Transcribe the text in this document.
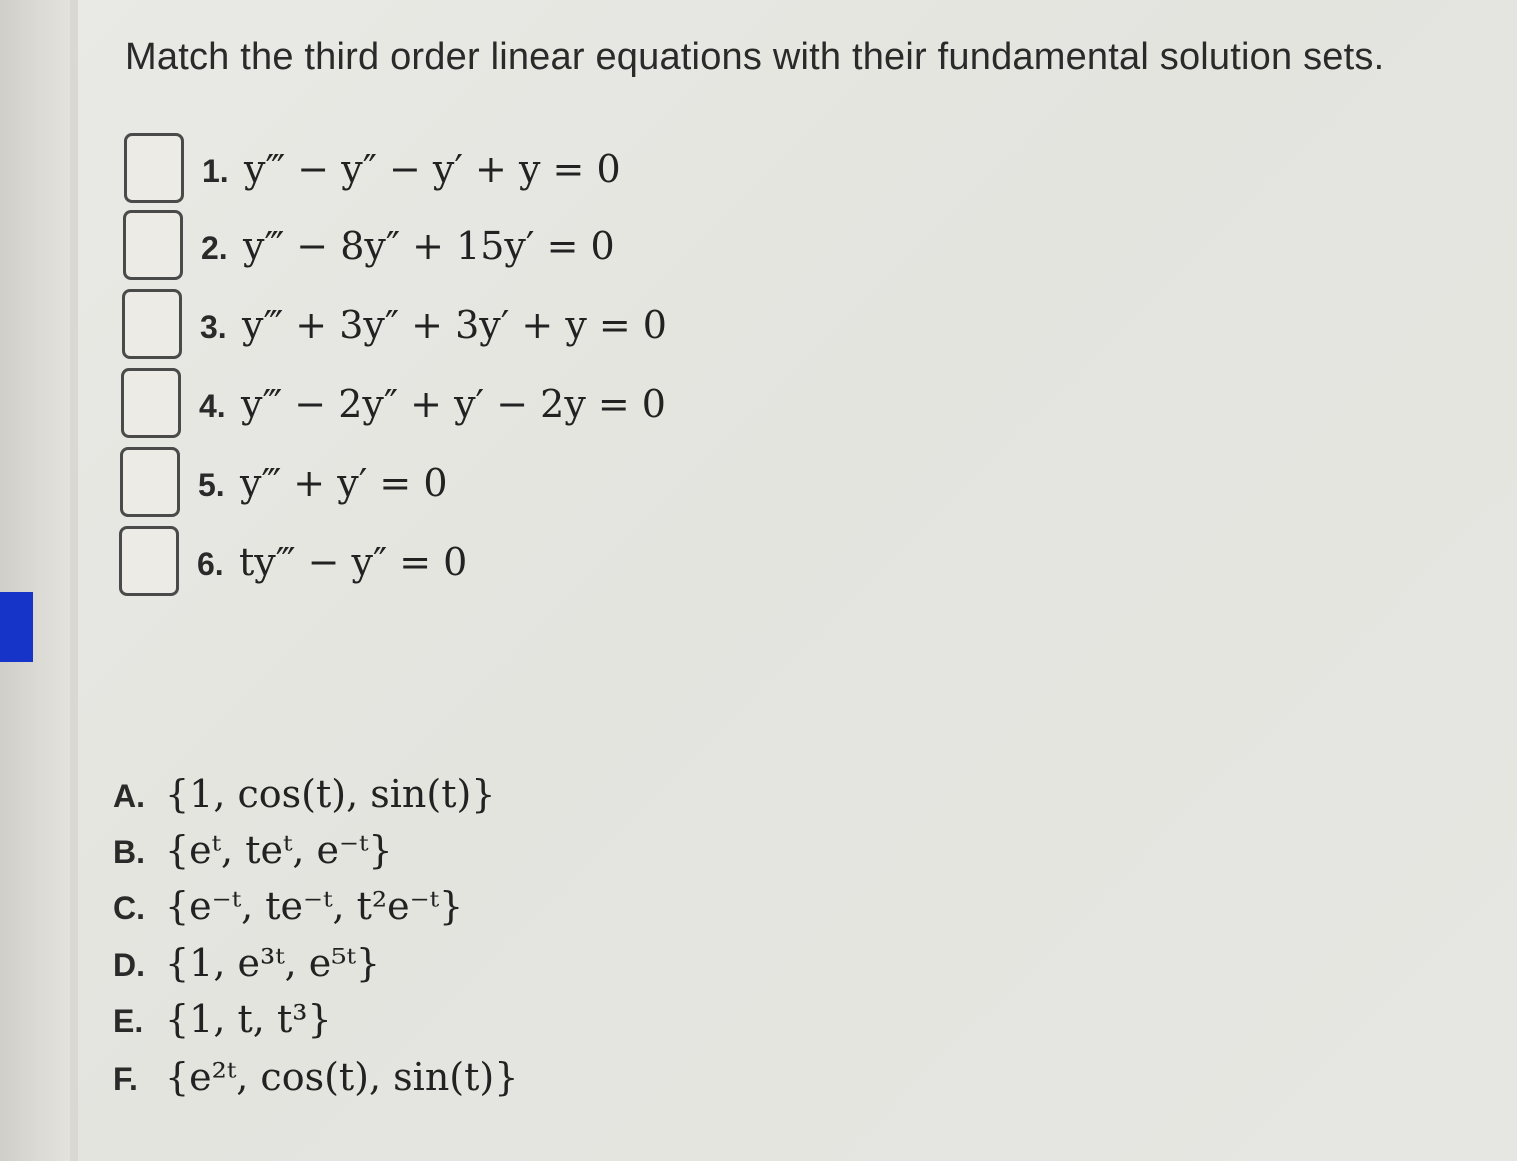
Match the third order linear equations with their fundamental solution sets.
1. y‴ − y″ − y′ + y = 0
2. y‴ − 8y″ + 15y′ = 0
3. y‴ + 3y″ + 3y′ + y = 0
4. y‴ − 2y″ + y′ − 2y = 0
5. y‴ + y′ = 0
6. ty‴ − y″ = 0
A. {1, cos(t), sin(t)}
B. {eᵗ, teᵗ, e⁻ᵗ}
C. {e⁻ᵗ, te⁻ᵗ, t²e⁻ᵗ}
D. {1, e³ᵗ, e⁵ᵗ}
E. {1, t, t³}
F. {e²ᵗ, cos(t), sin(t)}
